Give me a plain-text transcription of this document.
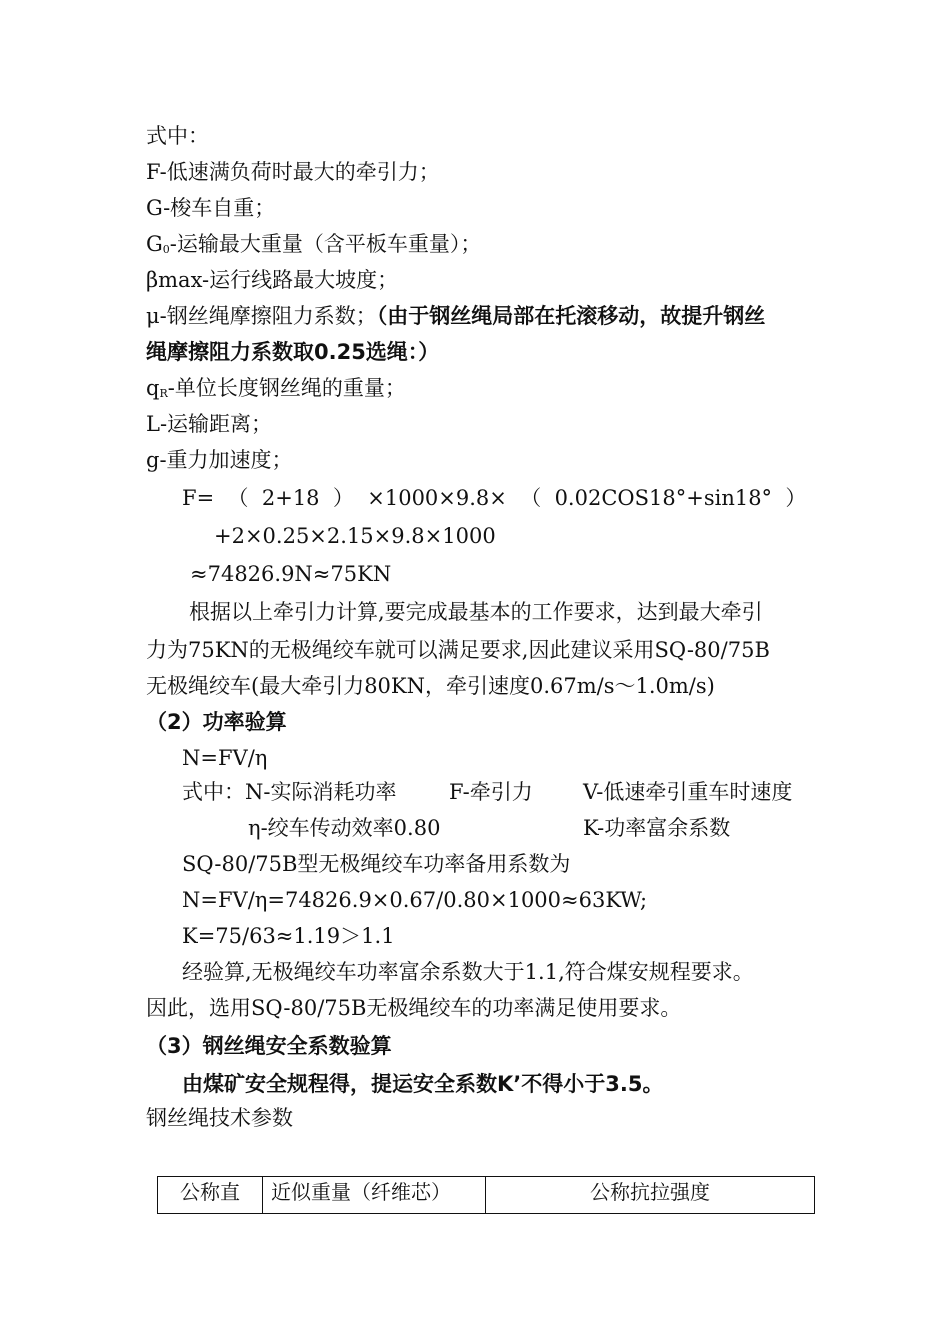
式中：
F-低速满负荷时最大的牵引力；
G-梭车自重；
$G_0-$运输最大重量（含平板车重量）；
βmax-运行线路最大坡度；
μ-钢丝绳摩擦阻力系数；（由于钢丝绳局部在托滚移动，故提升钢丝
绳摩擦阻力系数取0.25选绳：）
$q_R-$单位长度钢丝绳的重量；
L-运输距离；
g-重力加速度；
F=  （  2+18  ）  ×1000×9.8×  （  0.02COS18°+sin18°  ）
+2×0.25×2.15×9.8×1000
≈74826.9N≈75KN
根据以上牵引力计算,要完成最基本的工作要求，达到最大牵引
力为75KN的无极绳绞车就可以满足要求,因此建议采用SQ-80/75B
无极绳绞车(最大牵引力80KN，牵引速度0.67m/s～1.0m/s)
（2）功率验算
N=FV/η
式中：N-实际消耗功率	F-牵引力 V-低速牵引重车时速度
η-绞车传动效率0.80	K-功率富余系数
SQ-80/75B型无极绳绞车功率备用系数为
N=FV/η=74826.9×0.67/0.80×1000≈63KW;
K=75/63≈1.19＞1.1
经验算,无极绳绞车功率富余系数大于1.1,符合煤安规程要求。
因此，选用SQ-80/75B无极绳绞车的功率满足使用要求。
（3）钢丝绳安全系数验算
由煤矿安全规程得，提运安全系数K’不得小于3.5。
钢丝绳技术参数
公称直	近似重量（纤维芯）	公称抗拉强度
